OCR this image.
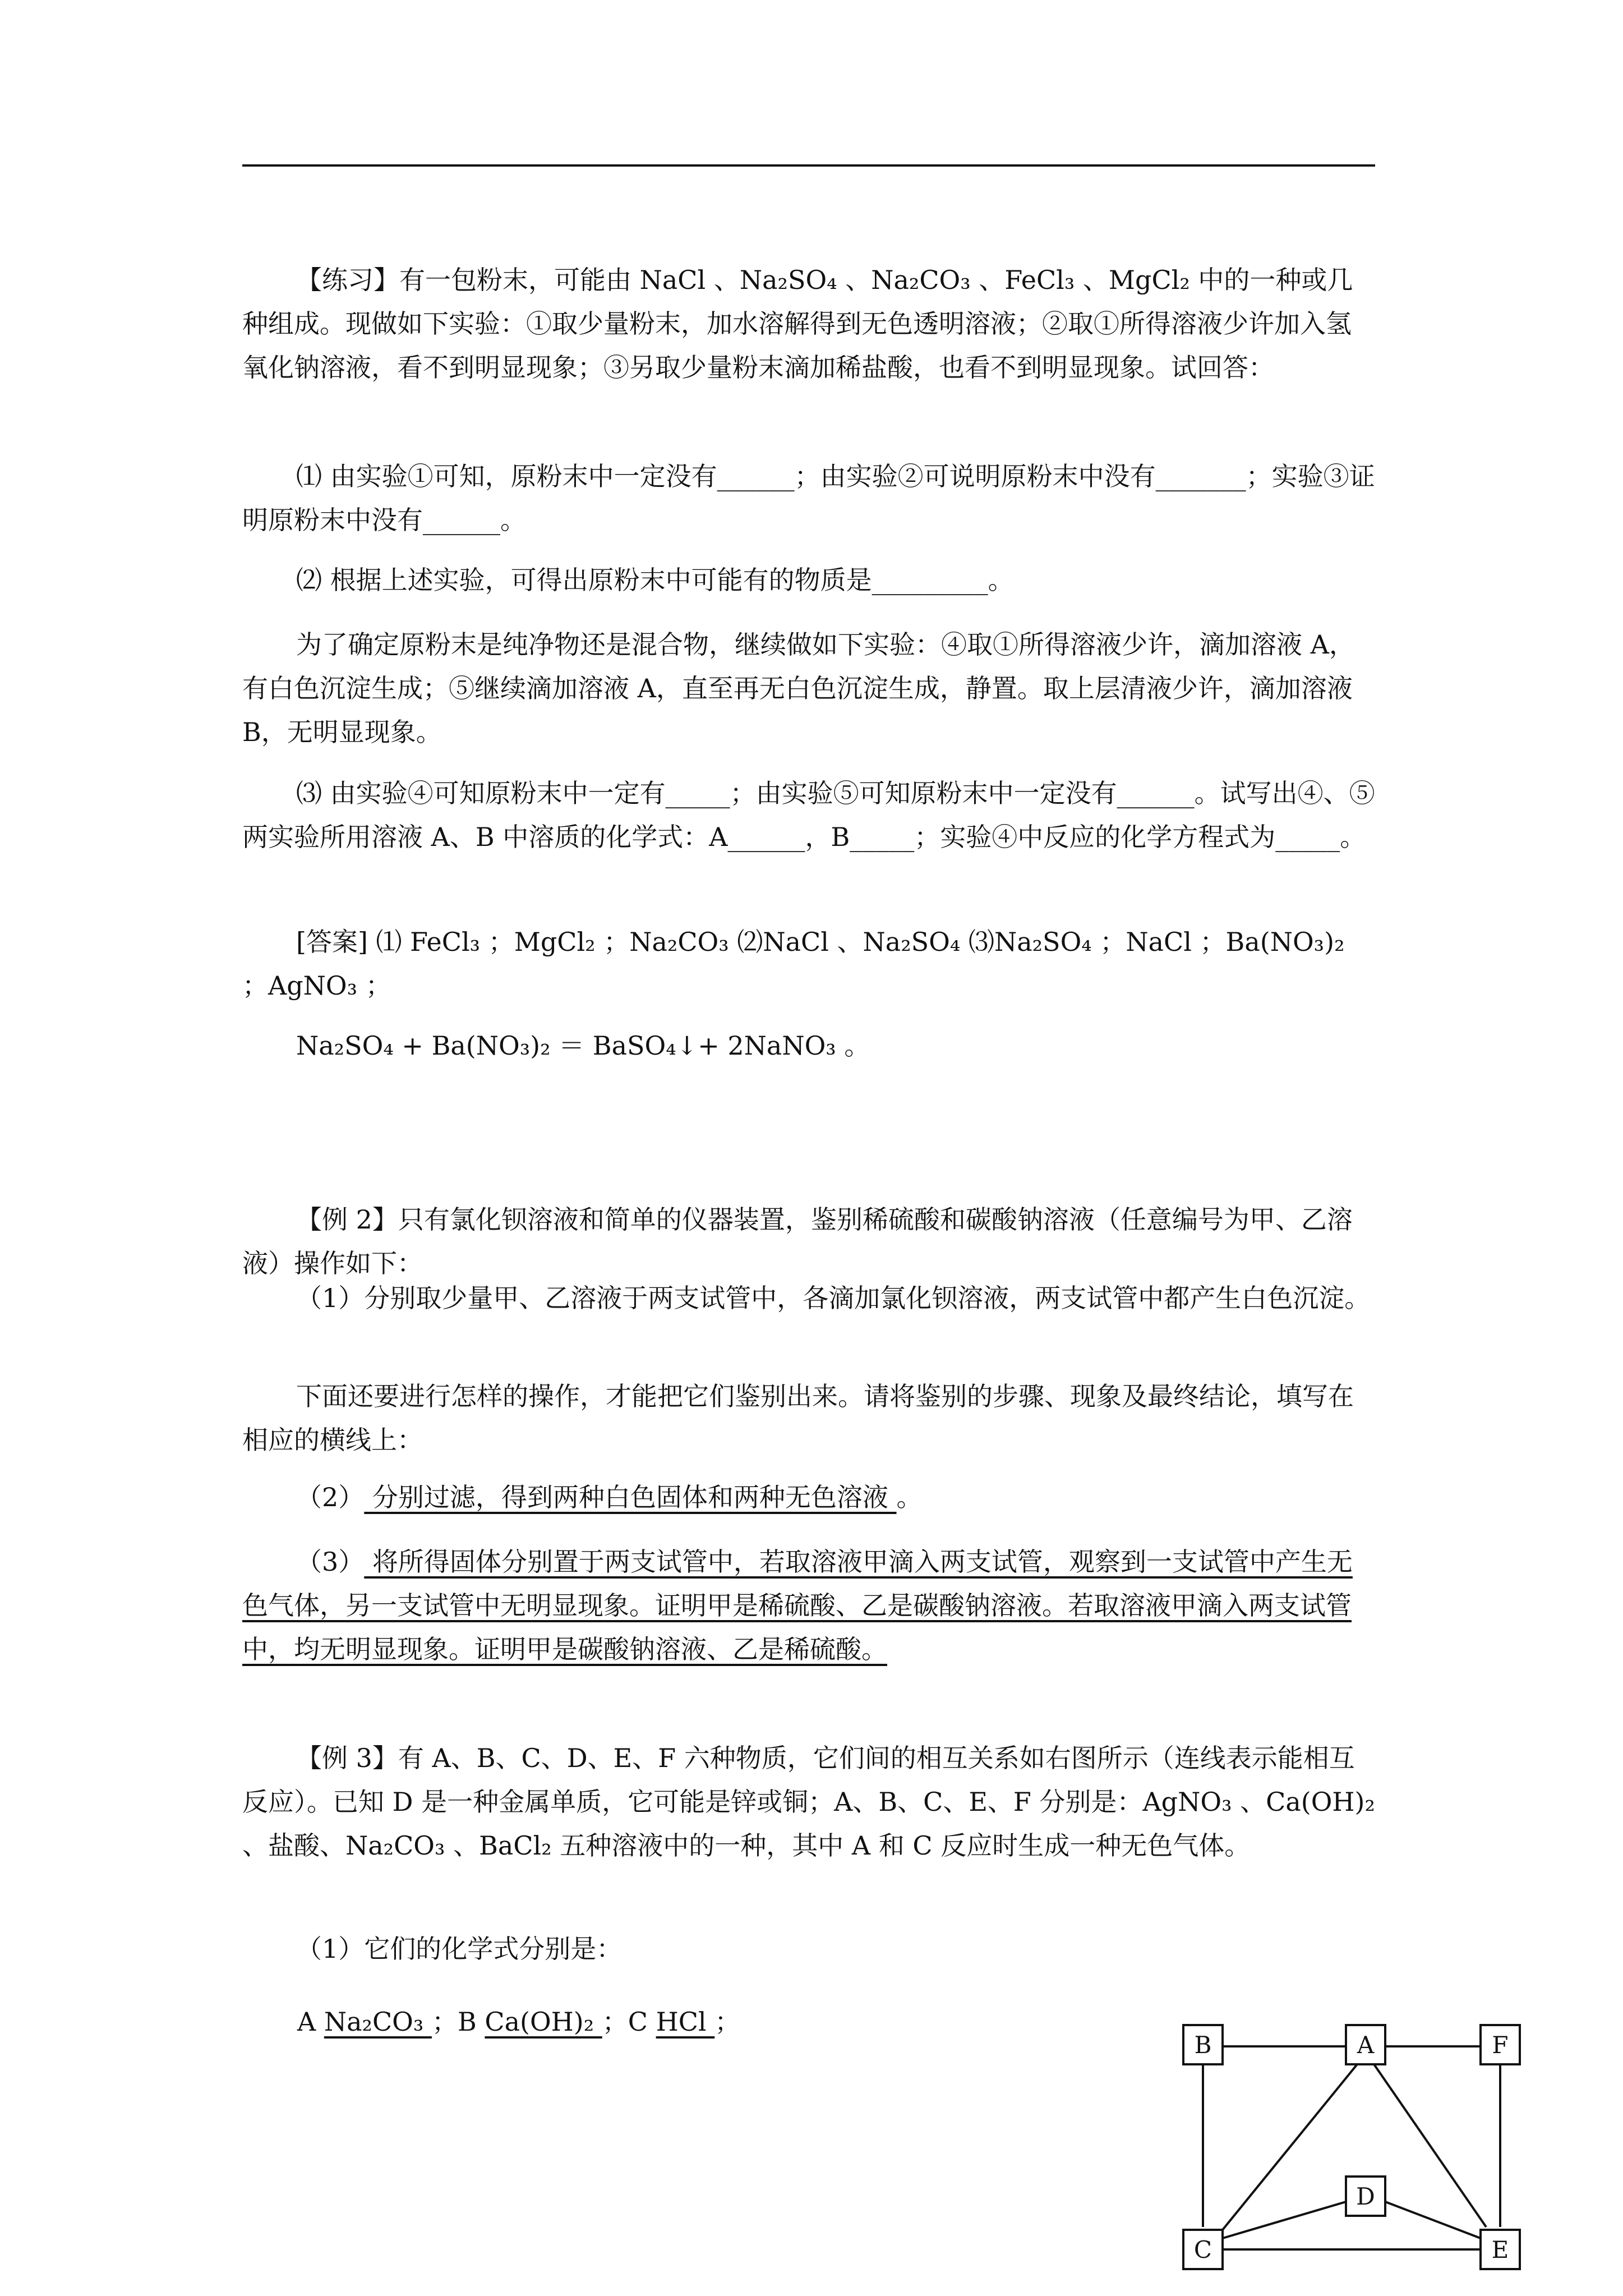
【练习】有一包粉末，可能由 NaCl 、Na₂SO₄ 、Na₂CO₃ 、FeCl₃ 、MgCl₂ 中的一种或几种组成。现做如下实验：①取少量粉末，加水溶解得到无色透明溶液；②取①所得溶液少许加入氢氧化钠溶液，看不到明显现象；③另取少量粉末滴加稀盐酸，也看不到明显现象。试回答：

⑴ 由实验①可知，原粉末中一定没有______；由实验②可说明原粉末中没有_______；实验③证明原粉末中没有______。

⑵ 根据上述实验，可得出原粉末中可能有的物质是_________。

为了确定原粉末是纯净物还是混合物，继续做如下实验：④取①所得溶液少许，滴加溶液 A，有白色沉淀生成；⑤继续滴加溶液 A，直至再无白色沉淀生成，静置。取上层清液少许，滴加溶液 B，无明显现象。

⑶ 由实验④可知原粉末中一定有_____；由实验⑤可知原粉末中一定没有______。试写出④、⑤两实验所用溶液 A、B 中溶质的化学式：A______，B_____；实验④中反应的化学方程式为_____。

[答案] ⑴ FeCl₃ ；MgCl₂ ；Na₂CO₃ ⑵NaCl 、Na₂SO₄ ⑶Na₂SO₄ ；NaCl ；Ba(NO₃)₂ ；AgNO₃ ；

Na₂SO₄ + Ba(NO₃)₂ ＝ BaSO₄↓+ 2NaNO₃ 。

【例 2】只有氯化钡溶液和简单的仪器装置，鉴别稀硫酸和碳酸钠溶液（任意编号为甲、乙溶液）操作如下：

（1）分别取少量甲、乙溶液于两支试管中，各滴加氯化钡溶液，两支试管中都产生白色沉淀。

下面还要进行怎样的操作，才能把它们鉴别出来。请将鉴别的步骤、现象及最终结论，填写在相应的横线上：

（2） 分别过滤，得到两种白色固体和两种无色溶液 。

（3） 将所得固体分别置于两支试管中，若取溶液甲滴入两支试管，观察到一支试管中产生无色气体，另一支试管中无明显现象。证明甲是稀硫酸、乙是碳酸钠溶液。若取溶液甲滴入两支试管中，均无明显现象。证明甲是碳酸钠溶液、乙是稀硫酸。

【例 3】有 A、B、C、D、E、F 六种物质，它们间的相互关系如右图所示（连线表示能相互反应）。已知 D 是一种金属单质，它可能是锌或铜；A、B、C、E、F 分别是：AgNO₃ 、Ca(OH)₂ 、盐酸、Na₂CO₃ 、BaCl₂ 五种溶液中的一种，其中 A 和 C 反应时生成一种无色气体。

（1）它们的化学式分别是：

A Na₂CO₃ ；B Ca(OH)₂ ；C HCl ；

B	A	F
D
C	E
